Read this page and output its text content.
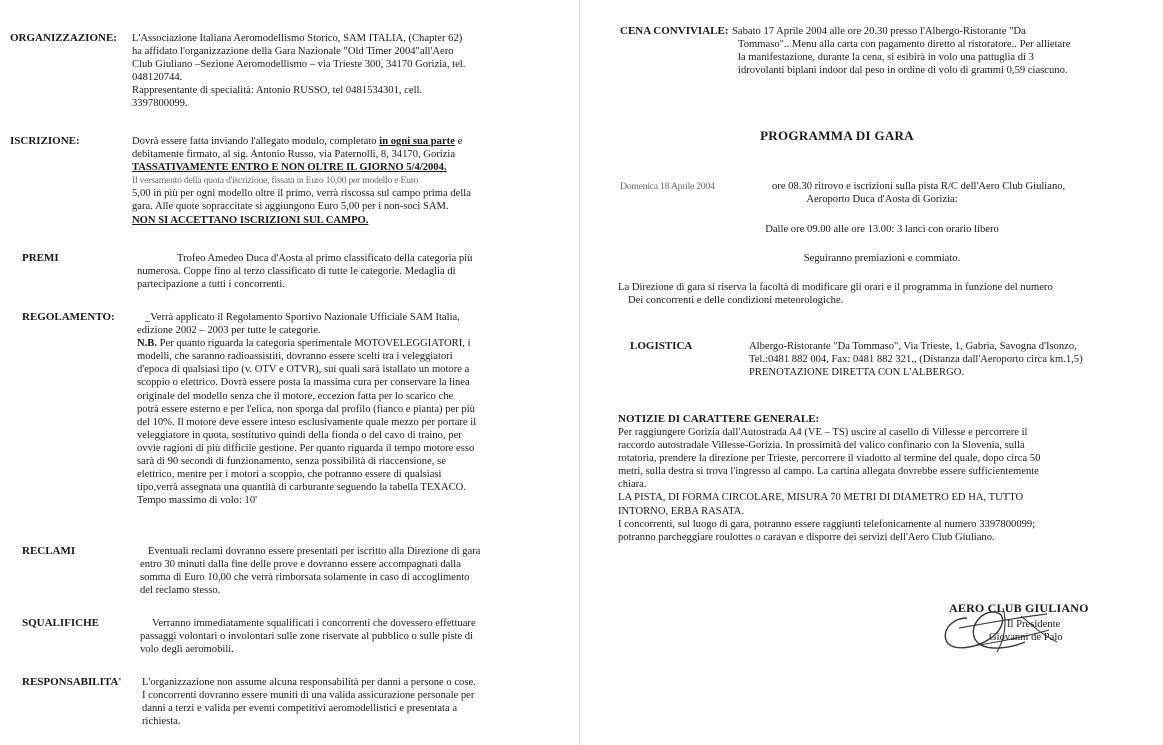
ORGANIZZAZIONE: L'Associazione Italiana Aeromodellismo Storico, SAM ITALIA, (Chapter 62)

ha affidato l'organizzazione della Gara Nazionale "Old Timer 2004"all'Aero

Club Giuliano –Sezione Aeromodellismo – via Trieste 300, 34170 Gorizia, tel.

048120744.

Rappresentante di specialità: Antonio RUSSO, tel 0481534301, cell.

3397800099.

ISCRIZIONE:	Dovrà essere fatta inviando l'allegato modulo, completato in ogni sua parte e

debitamente firmato, al sig. Antonio Russo, via Paternolli, 8, 34170, Gorizia

TASSATIVAMENTE ENTRO E NON OLTRE IL GIORNO 5/4/2004.

Il versamento della quota d'iscrizione, fissata in Euro 10,00 per modello e Euro

5,00 in più per ogni modello oltre il primo, verrà riscossa sul campo prima della

gara. Alle quote sopraccitate si aggiungono Euro 5,00 per i non-soci SAM.

NON SI ACCETTANO ISCRIZIONI SUL CAMPO.

PREMI	Trofeo Amedeo Duca d'Aosta al primo classificato della categoria più

numerosa. Coppe fino al terzo classificato di tutte le categorie. Medaglia di

partecipazione a tutti i concorrenti.

REGOLAMENTO:	_Verrà applicato il Regolamento Sportivo Nazionale Ufficiale SAM Italia,

edizione 2002 – 2003 per tutte le categorie.

N.B. Per quanto riguarda la categoria sperimentale MOTOVELEGGIATORI, i

modelli, che saranno radioassistiti, dovranno essere scelti tra i veleggiatori

d'epoca di qualsiasi tipo (v. OTV e OTVR), sui quali sarà istallato un motore a

scoppio o elettrico. Dovrà essere posta la massima cura per conservare la linea

originale del modello senza che il motore, eccezion fatta per lo scarico che

potrà essere esterno e per l'elica, non sporga dal profilo (fianco e pianta) per più

del 10%. Il motore deve essere inteso esclusivamente quale mezzo per portare il

veleggiatore in quota, sostitutivo quindi della fionda o del cavo di traino, per

ovvie ragioni di più difficile gestione. Per quanto riguarda il tempo motore esso

sarà di 90 secondi di funzionamento, senza possibilità di riaccensione, se

elettrico, mentre per i motori a scoppio, che potranno essere di qualsiasi

tipo,verrà assegnata una quantità di carburante seguendo la tabella TEXACO.

Tempo massimo di volo: 10'

RECLAMI	Eventuali reclami dovranno essere presentati per iscritto alla Direzione di gara

entro 30 minuti dalla fine delle prove e dovranno essere accompagnati dalla

somma di Euro 10,00 che verrà rimborsata solamente in caso di accoglimento

del reclamo stesso.

SQUALIFICHE	Verranno immediatamente squalificati i concorrenti che dovessero effettuare

passaggi volontari o involontari sulle zone riservate al pubblico o sulle piste di

volo degli aeromobili.

RESPONSABILITA' L'organizzazione non assume alcuna responsabilità per danni a persone o cose.

I concorrenti dovranno essere muniti di una valida assicurazione personale per

danni a terzi e valida per eventi competitivi aeromodellistici e presentata a

richiesta.

CENA CONVIVIALE: Sabato 17 Aprile 2004 alle ore 20.30 presso l'Albergo-Ristorante "Da

Tommaso".. Menu alla carta con pagamento diretto al ristoratore.. Per allietare

la manifestazione, durante la cena, si esibirà in volo una pattuglia di 3

idrovolanti biplani indoor dal peso in ordine di volo di grammi 0,59 ciascuno.

PROGRAMMA DI GARA
Domenica 18 Aprile 2004	ore 08.30 ritrovo e iscrizioni sulla pista R/C dell'Aero Club Giuliano,
Aeroporto Duca d'Aosta di Gorizia:
Dalle ore 09.00 alle ore 13.00: 3 lanci con orario libero
Seguiranno premiazioni e commiato.

La Direzione di gara si riserva la facoltà di modificare gli orari e il programma in funzione del numero

Dei concorrenti e delle condizioni meteorologiche.

LOGISTICA	Albergo-Ristorante "Da Tommaso", Via Trieste, 1, Gabria, Savogna d'Isonzo,

Tel.:0481 882 004, Fax: 0481 882 321., (Distanza dall'Aeroporto circa km.1,5)

PRENOTAZIONE DIRETTA CON L'ALBERGO.

NOTIZIE DI CARATTERE GENERALE:

Per raggiungere Gorizia dall'Autostrada A4 (VE – TS) uscire al casello di Villesse e percorrere il

raccordo autostradale Villesse-Gorizia. In prossimità del valico confinario con la Slovenia, sulla

rotatoria, prendere la direzione per Trieste, percorrere il viadotto al termine del quale, dopo circa 50

metri, sulla destra si trova l'ingresso al campo. La cartina allegata dovrebbe essere sufficientemente

chiara.

LA PISTA, DI FORMA CIRCOLARE, MISURA 70 METRI DI DIAMETRO ED HA, TUTTO

INTORNO, ERBA RASATA.

I concorrenti, sul luogo di gara, potranno essere raggiunti telefonicamente al numero 3397800099;

potranno parcheggiare roulottes o caravan e disporre dei servizi dell'Aero Club Giuliano.

AERO CLUB GIULIANO
Il Presidente
Giovanni de Palo
